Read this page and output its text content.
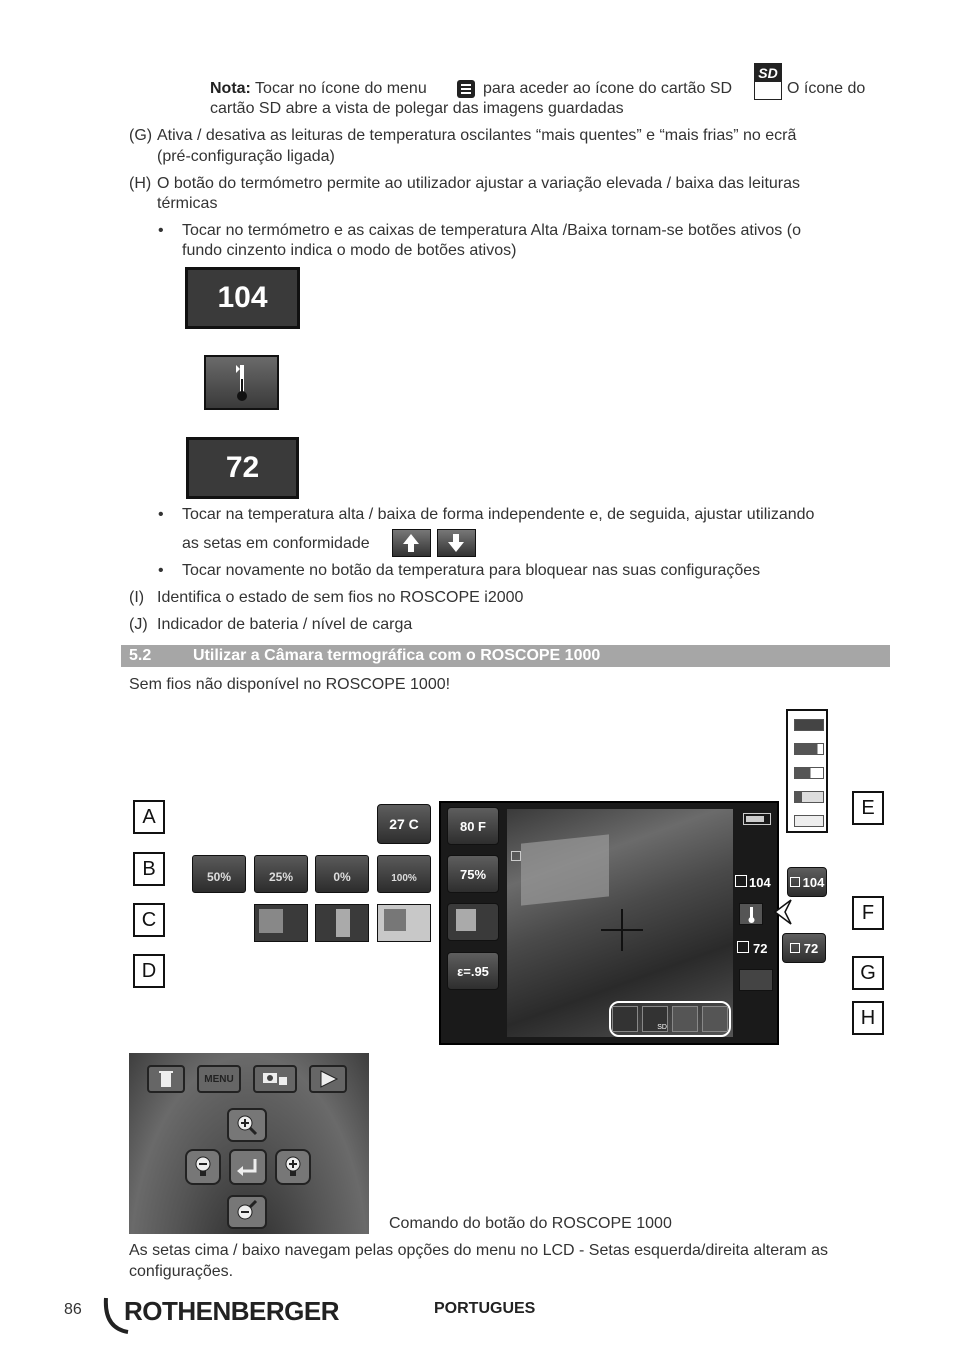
Nota: Tocar no ícone do menu	para aceder ao ícone do cartão SD
SD
O ícone do
cartão SD abre a vista de polegar das imagens guardadas
(G) Ativa / desativa as leituras de temperatura oscilantes “mais quentes” e “mais frias” no ecrã
(pré-configuração ligada)
(H) O botão do termómetro permite ao utilizador ajustar a variação elevada / baixa das leituras
térmicas
• Tocar no termómetro e as caixas de temperatura Alta /Baixa tornam-se botões ativos (o
fundo cinzento indica o modo de botões ativos)
104
72
• Tocar na temperatura alta / baixa de forma independente e, de seguida, ajustar utilizando
as setas em conformidade
• Tocar novamente no botão da temperatura para bloquear nas suas configurações
(I) Identifica o estado de sem fios no ROSCOPE i2000
(J) Indicador de bateria / nível de carga
5.2	Utilizar a Câmara termográfica com o ROSCOPE 1000
Sem fios não disponível no ROSCOPE 1000!
A
B
C
D
E
F
G
H
27 C
50%	25%	0%	100%
80 F
75%
ε=.95
104
72
SD
104
72
MENU
Comando do botão do ROSCOPE 1000
As setas cima / baixo navegam pelas opções do menu no LCD - Setas esquerda/direita alteram as
configurações.
86 ROTHENBERGER	PORTUGUES
